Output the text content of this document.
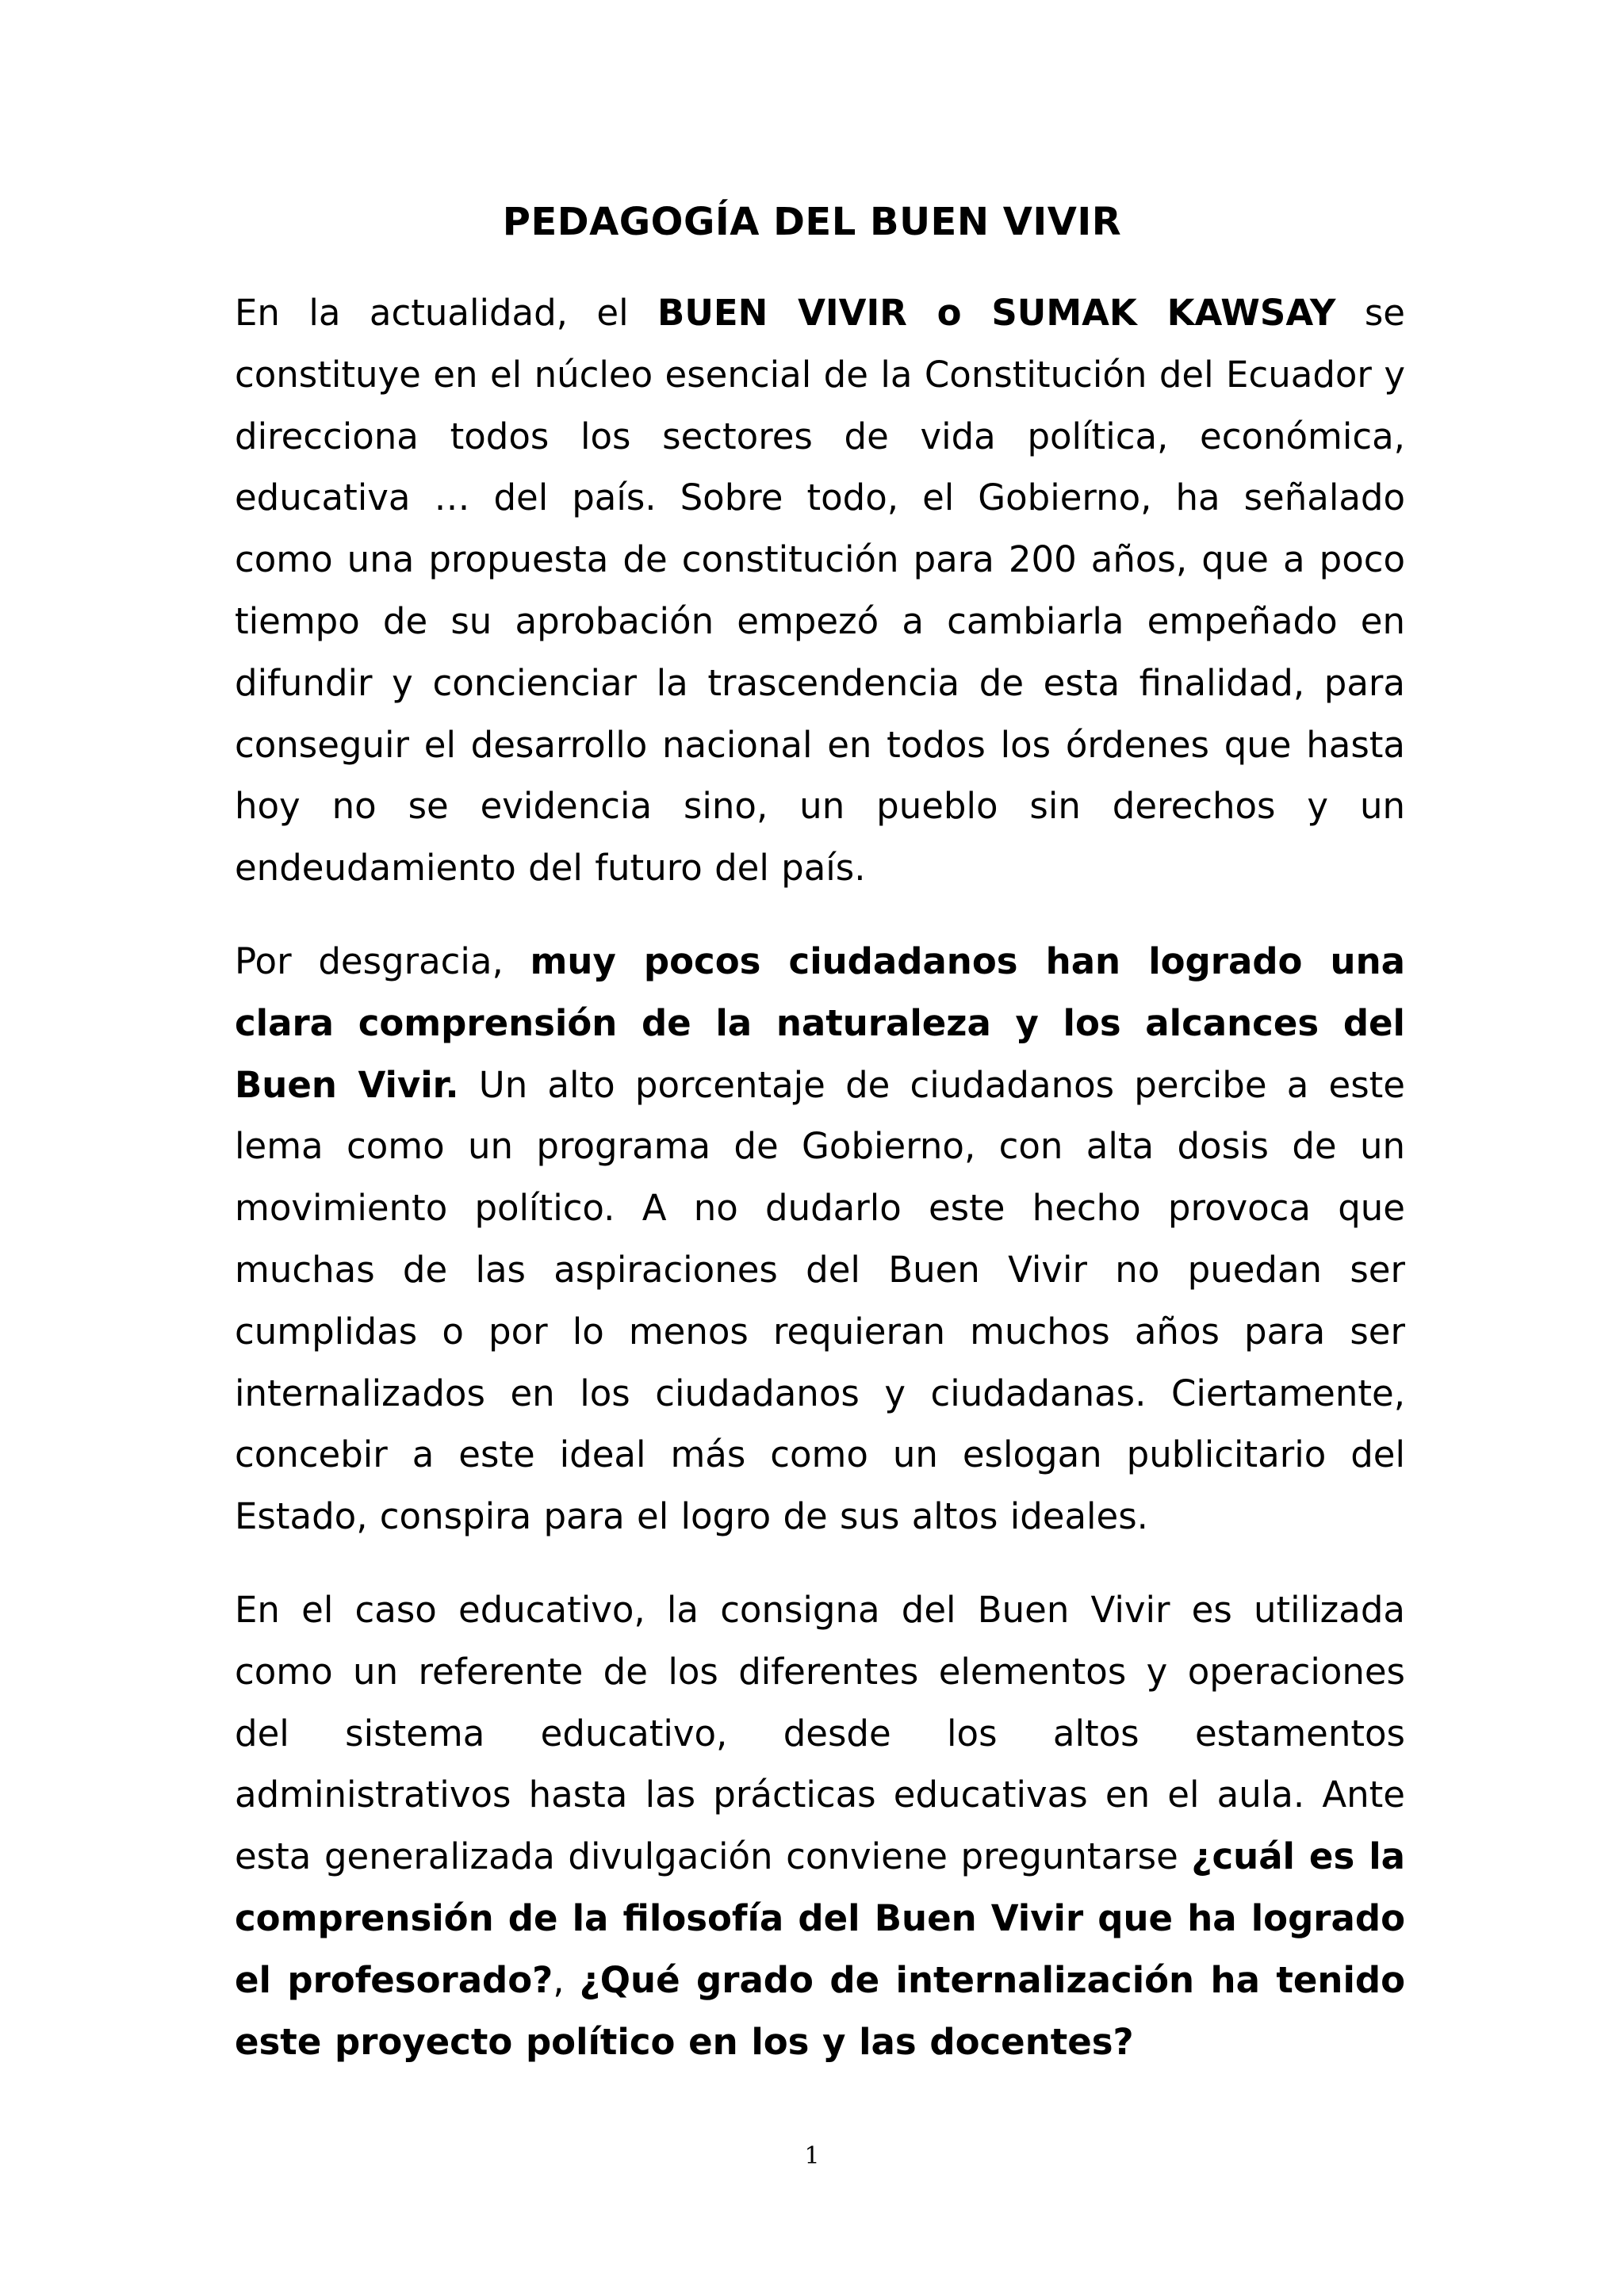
PEDAGOGÍA DEL BUEN VIVIR

En la actualidad, el BUEN VIVIR o SUMAK KAWSAY se constituye en el núcleo esencial de la Constitución del Ecuador y direcciona todos los sectores de vida política, económica, educativa … del país. Sobre todo, el Gobierno, ha señalado como una propuesta de constitución para 200 años, que a poco tiempo de su aprobación empezó a cambiarla empeñado en difundir y concienciar la trascendencia de esta finalidad, para conseguir el desarrollo nacional en todos los órdenes que hasta hoy no se evidencia sino, un pueblo sin derechos y un endeudamiento del futuro del país.

Por desgracia, muy pocos ciudadanos han logrado una clara comprensión de la naturaleza y los alcances del Buen Vivir. Un alto porcentaje de ciudadanos percibe a este lema como un programa de Gobierno, con alta dosis de un movimiento político. A no dudarlo este hecho provoca que muchas de las aspiraciones del Buen Vivir no puedan ser cumplidas o por lo menos requieran muchos años para ser internalizados en los ciudadanos y ciudadanas. Ciertamente, concebir a este ideal más como un eslogan publicitario del Estado, conspira para el logro de sus altos ideales.

En el caso educativo, la consigna del Buen Vivir es utilizada como un referente de los diferentes elementos y operaciones del sistema educativo, desde los altos estamentos administrativos hasta las prácticas educativas en el aula. Ante esta generalizada divulgación conviene preguntarse ¿cuál es la comprensión de la filosofía del Buen Vivir que ha logrado el profesorado?, ¿Qué grado de internalización ha tenido este proyecto político en los y las docentes?

1
